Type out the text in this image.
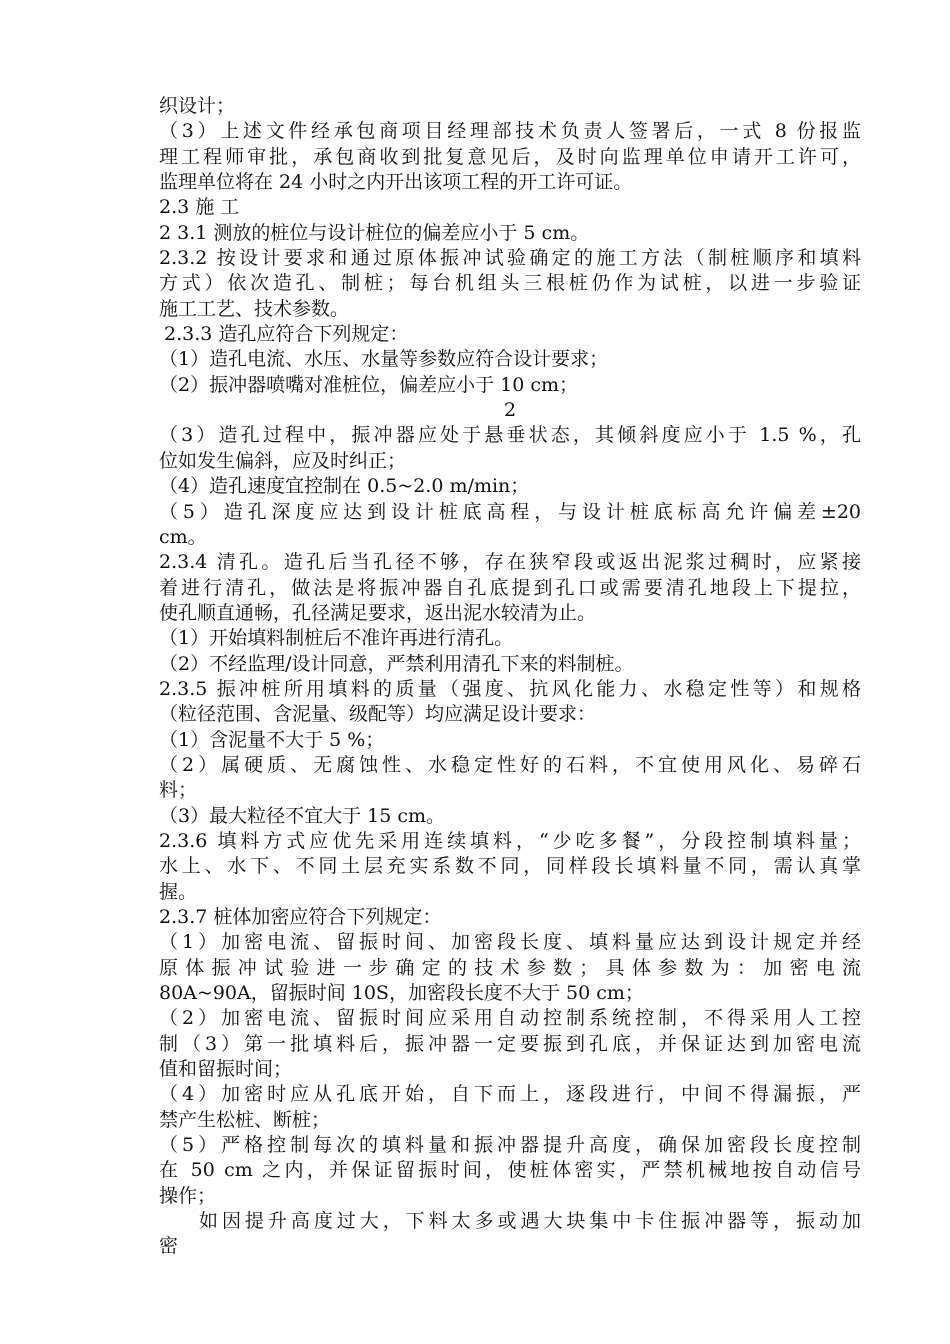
织设计；
（3）上述文件经承包商项目经理部技术负责人签署后，一式 8 份报监
理工程师审批，承包商收到批复意见后，及时向监理单位申请开工许可，
监理单位将在 24 小时之内开出该项工程的开工许可证。
2.3 施 工
2 3.1 测放的桩位与设计桩位的偏差应小于 5 cm。
2.3.2 按设计要求和通过原体振冲试验确定的施工方法（制桩顺序和填料
方式）依次造孔、制桩；每台机组头三根桩仍作为试桩，以进一步验证
施工工艺、技术参数。
2.3.3 造孔应符合下列规定：
（1）造孔电流、水压、水量等参数应符合设计要求；
（2）振冲器喷嘴对准桩位，偏差应小于 10 cm；
2
（3）造孔过程中，振冲器应处于悬垂状态，其倾斜度应小于 1.5 %，孔
位如发生偏斜，应及时纠正；
（4）造孔速度宜控制在 0.5~2.0 m/min；
（5）造孔深度应达到设计桩底高程，与设计桩底标高允许偏差±20
cm。
2.3.4 清孔。造孔后当孔径不够，存在狭窄段或返出泥浆过稠时，应紧接
着进行清孔，做法是将振冲器自孔底提到孔口或需要清孔地段上下提拉，
使孔顺直通畅，孔径满足要求，返出泥水较清为止。
（1）开始填料制桩后不准许再进行清孔。
（2）不经监理/设计同意，严禁利用清孔下来的料制桩。
2.3.5 振冲桩所用填料的质量（强度、抗风化能力、水稳定性等）和规格
（粒径范围、含泥量、级配等）均应满足设计要求：
（1）含泥量不大于 5 %；
（2）属硬质、无腐蚀性、水稳定性好的石料，不宜使用风化、易碎石
料；
（3）最大粒径不宜大于 15 cm。
2.3.6 填料方式应优先采用连续填料，“少吃多餐”，分段控制填料量；
水上、水下、不同土层充实系数不同，同样段长填料量不同，需认真掌
握。
2.3.7 桩体加密应符合下列规定：
（1）加密电流、留振时间、加密段长度、填料量应达到设计规定并经
原体振冲试验进一步确定的技术参数；具体参数为：加密电流
80A~90A，留振时间 10S，加密段长度不大于 50 cm；
（2）加密电流、留振时间应采用自动控制系统控制，不得采用人工控
制（3）第一批填料后，振冲器一定要振到孔底，并保证达到加密电流
值和留振时间；
（4）加密时应从孔底开始，自下而上，逐段进行，中间不得漏振，严
禁产生松桩、断桩；
（5）严格控制每次的填料量和振冲器提升高度，确保加密段长度控制
在 50 cm 之内，并保证留振时间，使桩体密实，严禁机械地按自动信号
操作；
如因提升高度过大，下料太多或遇大块集中卡住振冲器等，振动加
密
